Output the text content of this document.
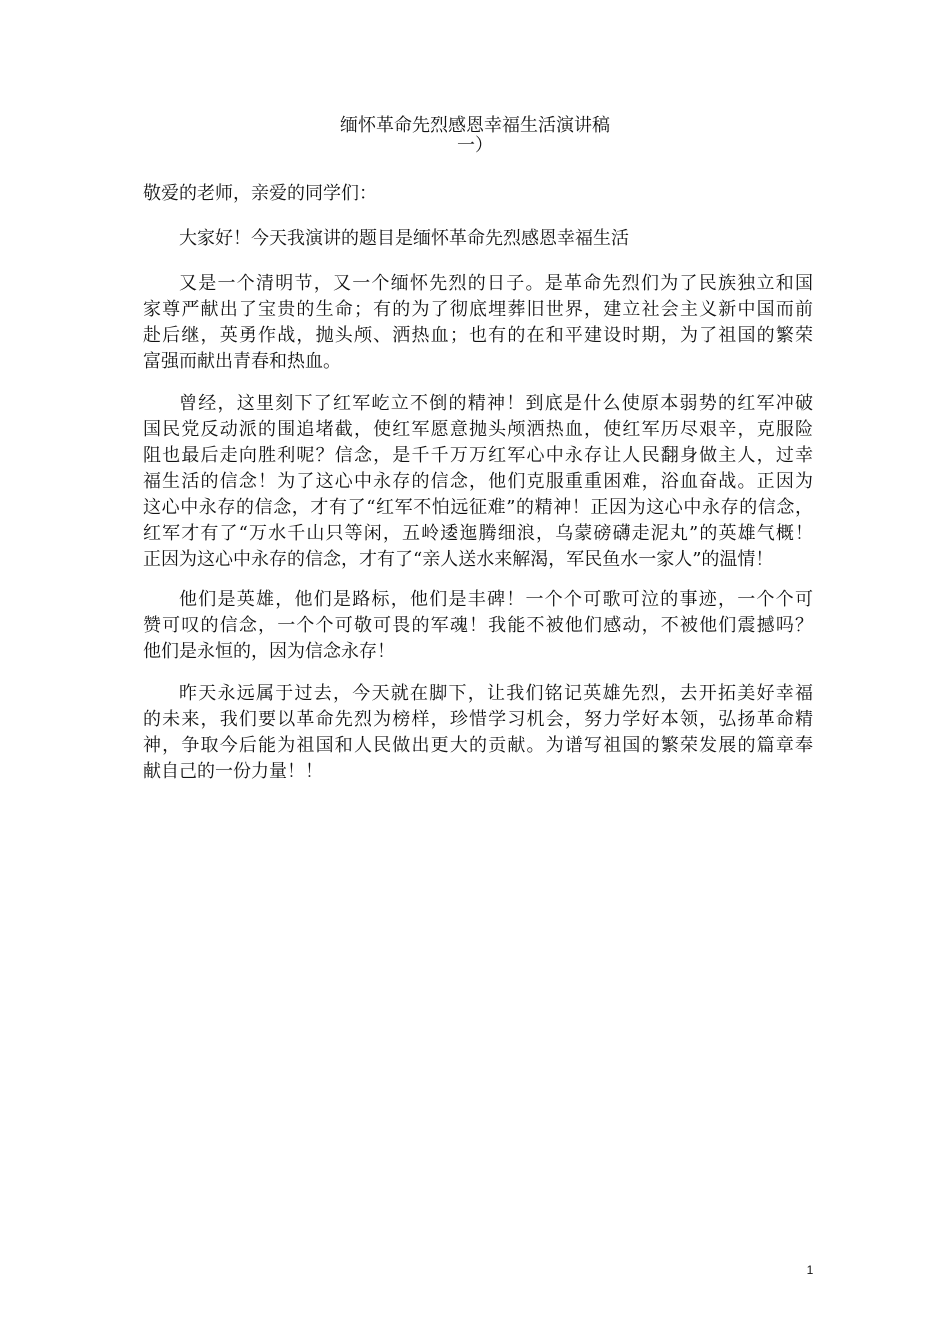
缅怀革命先烈感恩幸福生活演讲稿
一）
敬爱的老师，亲爱的同学们：
大家好！今天我演讲的题目是缅怀革命先烈感恩幸福生活
又是一个清明节，又一个缅怀先烈的日子。是革命先烈们为了民族独立和国
家尊严献出了宝贵的生命；有的为了彻底埋葬旧世界，建立社会主义新中国而前
赴后继，英勇作战，抛头颅、洒热血；也有的在和平建设时期，为了祖国的繁荣
富强而献出青春和热血。
曾经，这里刻下了红军屹立不倒的精神！到底是什么使原本弱势的红军冲破
国民党反动派的围追堵截，使红军愿意抛头颅洒热血，使红军历尽艰辛，克服险
阻也最后走向胜利呢？信念，是千千万万红军心中永存让人民翻身做主人，过幸
福生活的信念！为了这心中永存的信念，他们克服重重困难，浴血奋战。正因为
这心中永存的信念，才有了“红军不怕远征难”的精神！正因为这心中永存的信念，
红军才有了“万水千山只等闲，五岭逶迤腾细浪，乌蒙磅礴走泥丸”的英雄气概！
正因为这心中永存的信念，才有了“亲人送水来解渴，军民鱼水一家人”的温情！
他们是英雄，他们是路标，他们是丰碑！一个个可歌可泣的事迹，一个个可
赞可叹的信念，一个个可敬可畏的军魂！我能不被他们感动，不被他们震撼吗？
他们是永恒的，因为信念永存！
昨天永远属于过去，今天就在脚下，让我们铭记英雄先烈，去开拓美好幸福
的未来，我们要以革命先烈为榜样，珍惜学习机会，努力学好本领，弘扬革命精
神，争取今后能为祖国和人民做出更大的贡献。为谱写祖国的繁荣发展的篇章奉
献自己的一份力量！！
1
